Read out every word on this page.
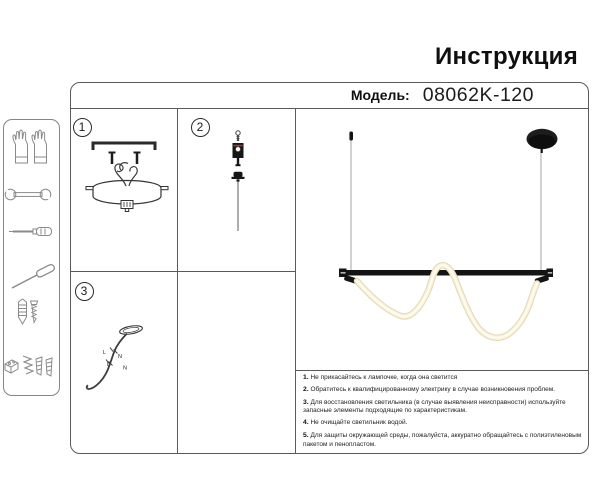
Инструкция
Модель: 08062K-120
1	2
3
L
N
L
N

1. Не прикасайтесь к лампочке, когда она светится

2. Обратитесь к квалифицированному электрику в случае возникновения проблем.

3. Для восстановления светильника (в случае выявления неисправности) используйте запасные элементы подходящие по характеристикам.

4. Не очищайте светильник водой.

5. Для защиты окружающей среды, пожалуйста, аккуратно обращайтесь с полиэтиленовым пакетом и пенопластом.
